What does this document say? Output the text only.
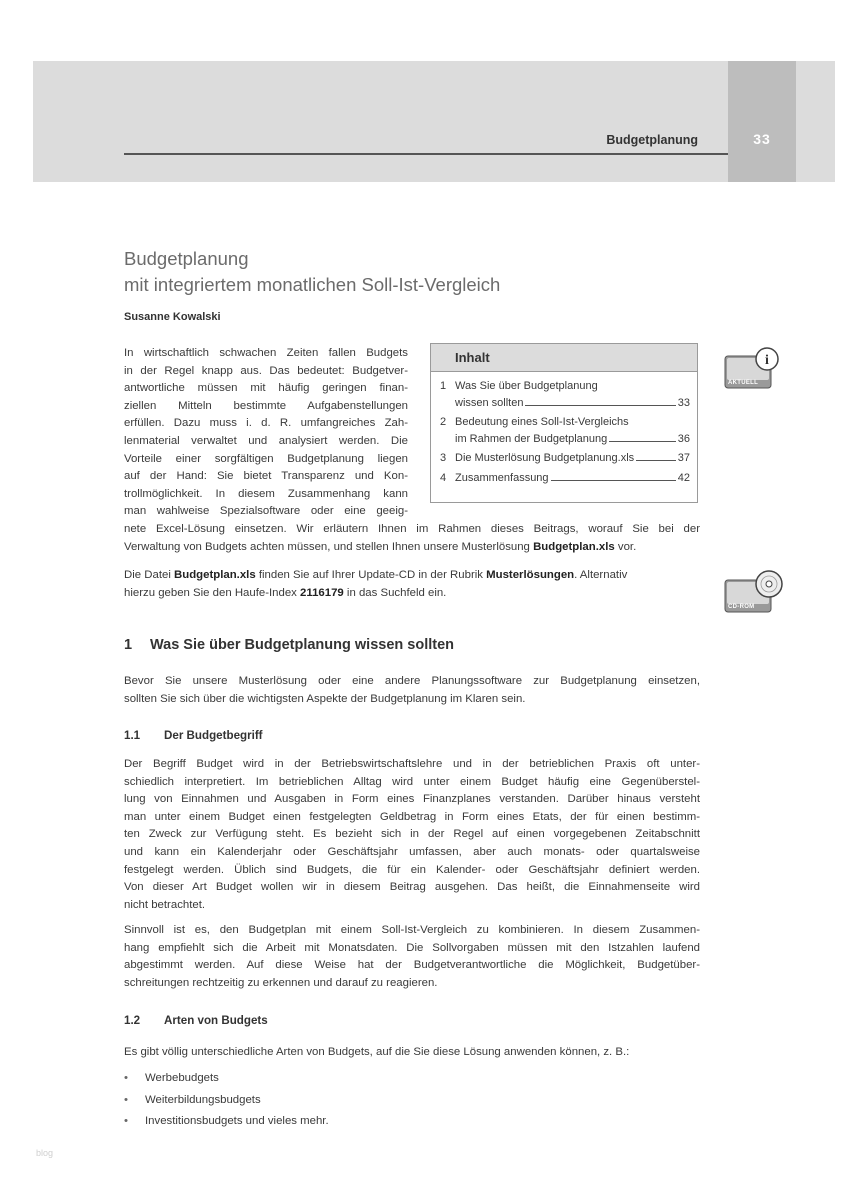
Budgetplanung	33
Budgetplanung
mit integriertem monatlichen Soll-Ist-Vergleich
Susanne Kowalski
In wirtschaftlich schwachen Zeiten fallen Budgets
in der Regel knapp aus. Das bedeutet: Budgetver-
antwortliche müssen mit häufig geringen finan-
ziellen Mitteln bestimmte Aufgabenstellungen
erfüllen. Dazu muss i. d. R. umfangreiches Zah-
lenmaterial verwaltet und analysiert werden. Die
Vorteile einer sorgfältigen Budgetplanung liegen
auf der Hand: Sie bietet Transparenz und Kon-
trollmöglichkeit. In diesem Zusammenhang kann
man wahlweise Spezialsoftware oder eine geeig-
nete Excel-Lösung einsetzen. Wir erläutern Ihnen im Rahmen dieses Beitrags, worauf Sie bei der
Verwaltung von Budgets achten müssen, und stellen Ihnen unsere Musterlösung Budgetplan.xls vor.
Die Datei Budgetplan.xls finden Sie auf Ihrer Update-CD in der Rubrik Musterlösungen. Alternativ
hierzu geben Sie den Haufe-Index 2116179 in das Suchfeld ein.
Inhalt
1 Was Sie über Budgetplanung
wissen sollten	33
2 Bedeutung eines Soll-Ist-Vergleichs
im Rahmen der Budgetplanung	36
3 Die Musterlösung Budgetplanung.xls	37
4 Zusammenfassung	42
i
AKTUELL
CD-ROM
1 Was Sie über Budgetplanung wissen sollten
Bevor Sie unsere Musterlösung oder eine andere Planungssoftware zur Budgetplanung einsetzen,
sollten Sie sich über die wichtigsten Aspekte der Budgetplanung im Klaren sein.
1.1 Der Budgetbegriff
Der Begriff Budget wird in der Betriebswirtschaftslehre und in der betrieblichen Praxis oft unter-
schiedlich interpretiert. Im betrieblichen Alltag wird unter einem Budget häufig eine Gegenüberstel-
lung von Einnahmen und Ausgaben in Form eines Finanzplanes verstanden. Darüber hinaus versteht
man unter einem Budget einen festgelegten Geldbetrag in Form eines Etats, der für einen bestimm-
ten Zweck zur Verfügung steht. Es bezieht sich in der Regel auf einen vorgegebenen Zeitabschnitt
und kann ein Kalenderjahr oder Geschäftsjahr umfassen, aber auch monats- oder quartalsweise
festgelegt werden. Üblich sind Budgets, die für ein Kalender- oder Geschäftsjahr definiert werden.
Von dieser Art Budget wollen wir in diesem Beitrag ausgehen. Das heißt, die Einnahmenseite wird
nicht betrachtet.
Sinnvoll ist es, den Budgetplan mit einem Soll-Ist-Vergleich zu kombinieren. In diesem Zusammen-
hang empfiehlt sich die Arbeit mit Monatsdaten. Die Sollvorgaben müssen mit den Istzahlen laufend
abgestimmt werden. Auf diese Weise hat der Budgetverantwortliche die Möglichkeit, Budgetüber-
schreitungen rechtzeitig zu erkennen und darauf zu reagieren.
1.2 Arten von Budgets
Es gibt völlig unterschiedliche Arten von Budgets, auf die Sie diese Lösung anwenden können, z. B.:
• Werbebudgets
• Weiterbildungsbudgets
• Investitionsbudgets und vieles mehr.
blog
